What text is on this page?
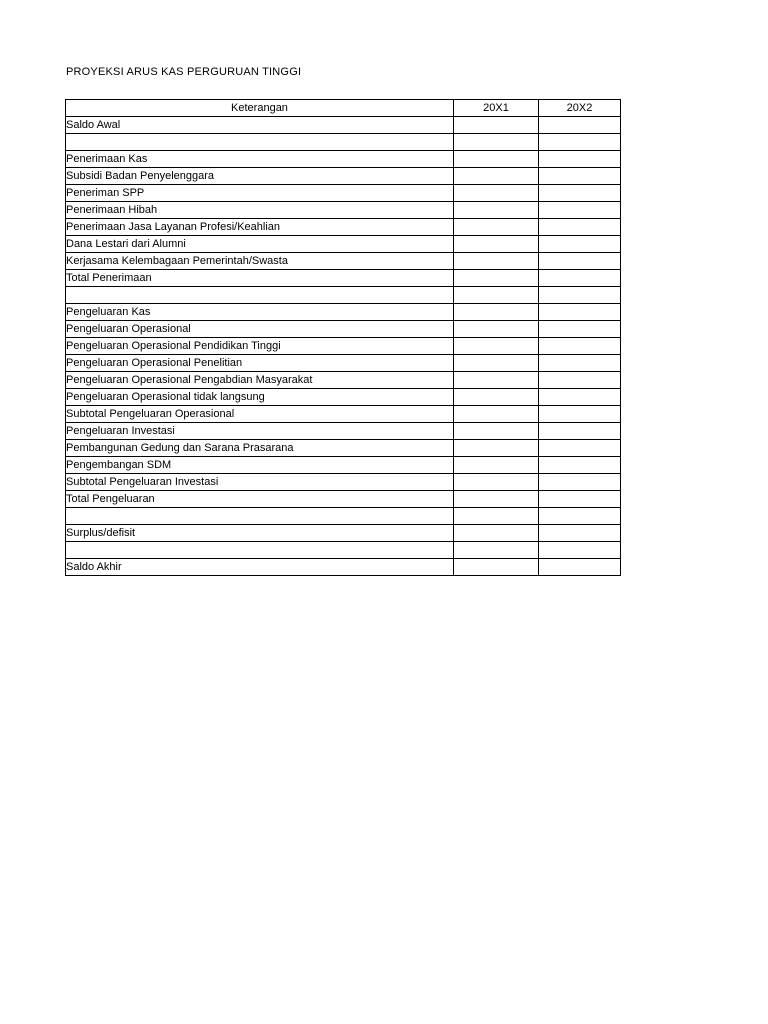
PROYEKSI ARUS KAS PERGURUAN TINGGI
Keterangan	20X1	20X2
Saldo Awal		

Penerimaan Kas		
Subsidi Badan Penyelenggara		
Peneriman SPP		
Penerimaan Hibah		
Penerimaan Jasa Layanan Profesi/Keahlian		
Dana Lestari dari Alumni		
Kerjasama Kelembagaan Pemerintah/Swasta		
Total Penerimaan		

Pengeluaran Kas		
Pengeluaran Operasional		
Pengeluaran Operasional Pendidikan Tinggi		
Pengeluaran Operasional Penelitian		
Pengeluaran Operasional Pengabdian Masyarakat		
Pengeluaran Operasional tidak langsung		
Subtotal Pengeluaran Operasional		
Pengeluaran Investasi		
Pembangunan Gedung dan Sarana Prasarana		
Pengembangan SDM		
Subtotal Pengeluaran Investasi		
Total Pengeluaran		

Surplus/defisit		

Saldo Akhir		
